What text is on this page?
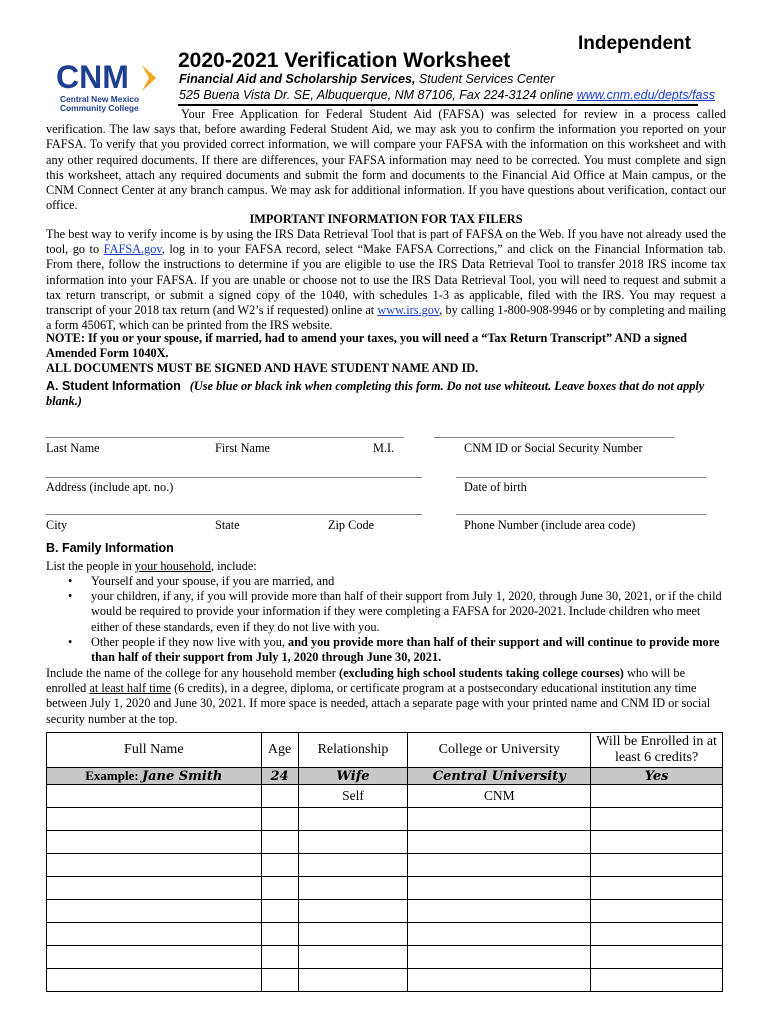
Independent
2020-2021 Verification Worksheet
Financial Aid and Scholarship Services, Student Services Center
525 Buena Vista Dr. SE, Albuquerque, NM 87106, Fax 224-3124 online www.cnm.edu/depts/fass
CNM
Central New Mexico
Community College	Your Free Application for Federal Student Aid (FAFSA) was selected for review in a process called verification. The law says that, before awarding Federal Student Aid, we may ask you to confirm the information you reported on your FAFSA. To verify that you provided correct information, we will compare your FAFSA with the information on this worksheet and with any other required documents. If there are differences, your FAFSA information may need to be corrected. You must complete and sign this worksheet, attach any required documents and submit the form and documents to the Financial Aid Office at Main campus, or the CNM Connect Center at any branch campus. We may ask for additional information. If you have questions about verification, contact our office.
IMPORTANT INFORMATION FOR TAX FILERS
The best way to verify income is by using the IRS Data Retrieval Tool that is part of FAFSA on the Web. If you have not already used the tool, go to FAFSA.gov, log in to your FAFSA record, select “Make FAFSA Corrections,” and click on the Financial Information tab. From there, follow the instructions to determine if you are eligible to use the IRS Data Retrieval Tool to transfer 2018 IRS income tax information into your FAFSA. If you are unable or choose not to use the IRS Data Retrieval Tool, you will need to request and submit a tax return transcript, or submit a signed copy of the 1040, with schedules 1-3 as applicable, filed with the IRS. You may request a transcript of your 2018 tax return (and W2’s if requested) online at www.irs.gov, by calling 1-800-908-9946 or by completing and mailing a form 4506T, which can be printed from the IRS website.
NOTE: If you or your spouse, if married, had to amend your taxes, you will need a “Tax Return Transcript” AND a signed Amended Form 1040X.
ALL DOCUMENTS MUST BE SIGNED AND HAVE STUDENT NAME AND ID.
A. Student Information (Use blue or black ink when completing this form. Do not use whiteout. Leave boxes that do not apply blank.)
Last Name	First Name	M.I.	CNM ID or Social Security Number
Address (include apt. no.)	Date of birth
City	State	Zip Code	Phone Number (include area code)
B. Family Information
List the people in your household, include:
• Yourself and your spouse, if you are married, and
• your children, if any, if you will provide more than half of their support from July 1, 2020, through June 30, 2021, or if the child would be required to provide your information if they were completing a FAFSA for 2020-2021. Include children who meet either of these standards, even if they do not live with you.
• Other people if they now live with you, and you provide more than half of their support and will continue to provide more than half of their support from July 1, 2020 through June 30, 2021.
Include the name of the college for any household member (excluding high school students taking college courses) who will be enrolled at least half time (6 credits), in a degree, diploma, or certificate program at a postsecondary educational institution any time between July 1, 2020 and June 30, 2021. If more space is needed, attach a separate page with your printed name and CNM ID or social security number at the top.
Full Name	Age	Relationship	College or University	Will be Enrolled in at least 6 credits?
Example: Jane Smith	24	Wife	Central University	Yes
		Self	CNM	
